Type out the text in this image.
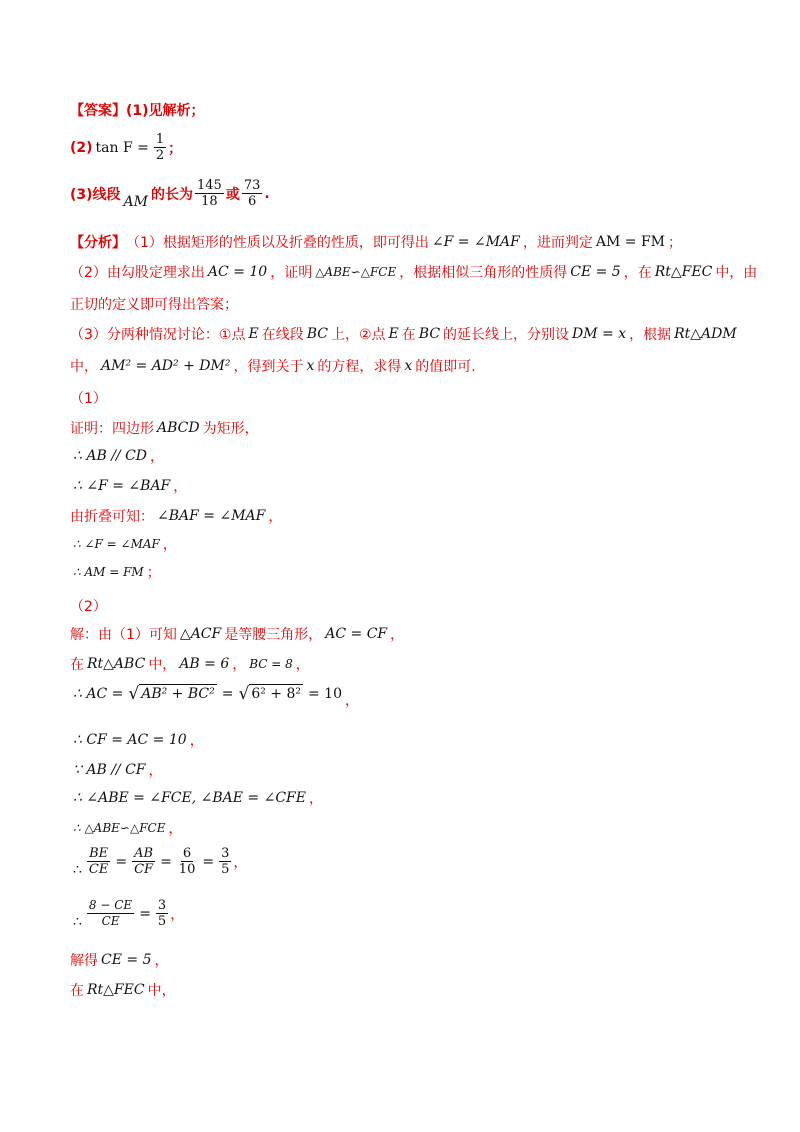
【答案】 (1)见解析；
(2) $\tan F = \frac{1}{2}$ ；
(3)线段 AM 的长为 $\frac{145}{18}$ 或 $\frac{73}{6}$ .
【分析】 （1）根据矩形的性质以及折叠的性质，即可得出 ∠F = ∠MAF ，进而判定 AM = FM ；
（2）由勾股定理求出 AC = 10 ，证明 △ABE∽△FCE ，根据相似三角形的性质得 CE = 5 ，在 Rt△FEC 中，由
正切的定义即可得出答案；
（3）分两种情况讨论：①点 E 在线段 BC 上，②点 E 在 BC 的延长线上，分别设 DM = x ，根据 Rt△ADM
中， AM² = AD² + DM² ，得到关于 x 的方程，求得 x 的值即可.
（1）
证明：四边形 ABCD 为矩形，
∴ AB // CD ，
∴ ∠F = ∠BAF ，
由折叠可知： ∠BAF = ∠MAF ，
∴ ∠F = ∠MAF ，
∴ AM = FM ；
（2）
解：由（1）可知 △ACF 是等腰三角形， AC = CF ，
在 Rt△ABC 中， AB = 6 ， BC = 8 ，
∴ AC = √ AB² + BC² = √ 6² + 8² = 10 ，
∴ CF = AC = 10 ，
∵ AB // CF ，
∴ ∠ABE = ∠FCE, ∠BAE = ∠CFE ，
∴ △ABE∽△FCE ，
∴ $\frac{BE}{CE} = \frac{AB}{CF} = \frac{6}{10} = \frac{3}{5}$ ，
∴ $\frac{8 - CE}{CE} = \frac{3}{5}$ ，
解得 CE = 5 ，
在 Rt△FEC 中，
